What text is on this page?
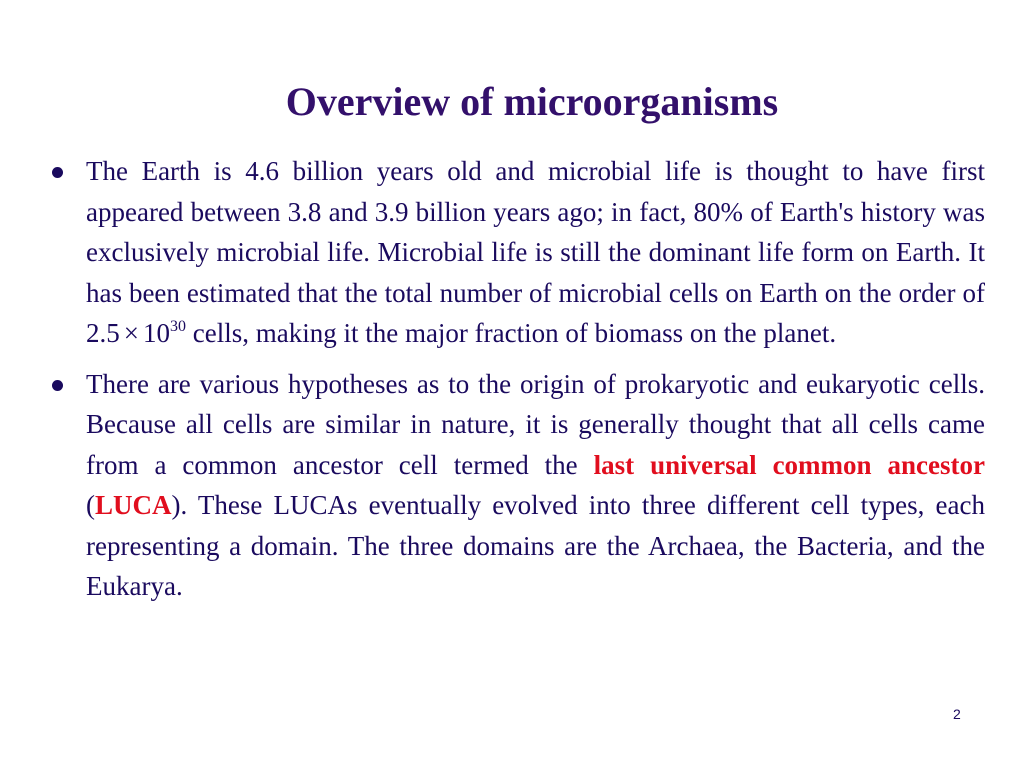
Overview of microorganisms
The Earth is 4.6 billion years old and microbial life is thought to have first appeared between 3.8 and 3.9 billion years ago; in fact, 80% of Earth's history was exclusively microbial life. Microbial life is still the dominant life form on Earth. It has been estimated that the total number of microbial cells on Earth on the order of $2.5 \times 10^{30}$ cells, making it the major fraction of biomass on the planet.
There are various hypotheses as to the origin of prokaryotic and eukaryotic cells. Because all cells are similar in nature, it is generally thought that all cells came from a common ancestor cell termed the last universal common ancestor (LUCA). These LUCAs eventually evolved into three different cell types, each representing a domain. The three domains are the Archaea, the Bacteria, and the Eukarya.
2
